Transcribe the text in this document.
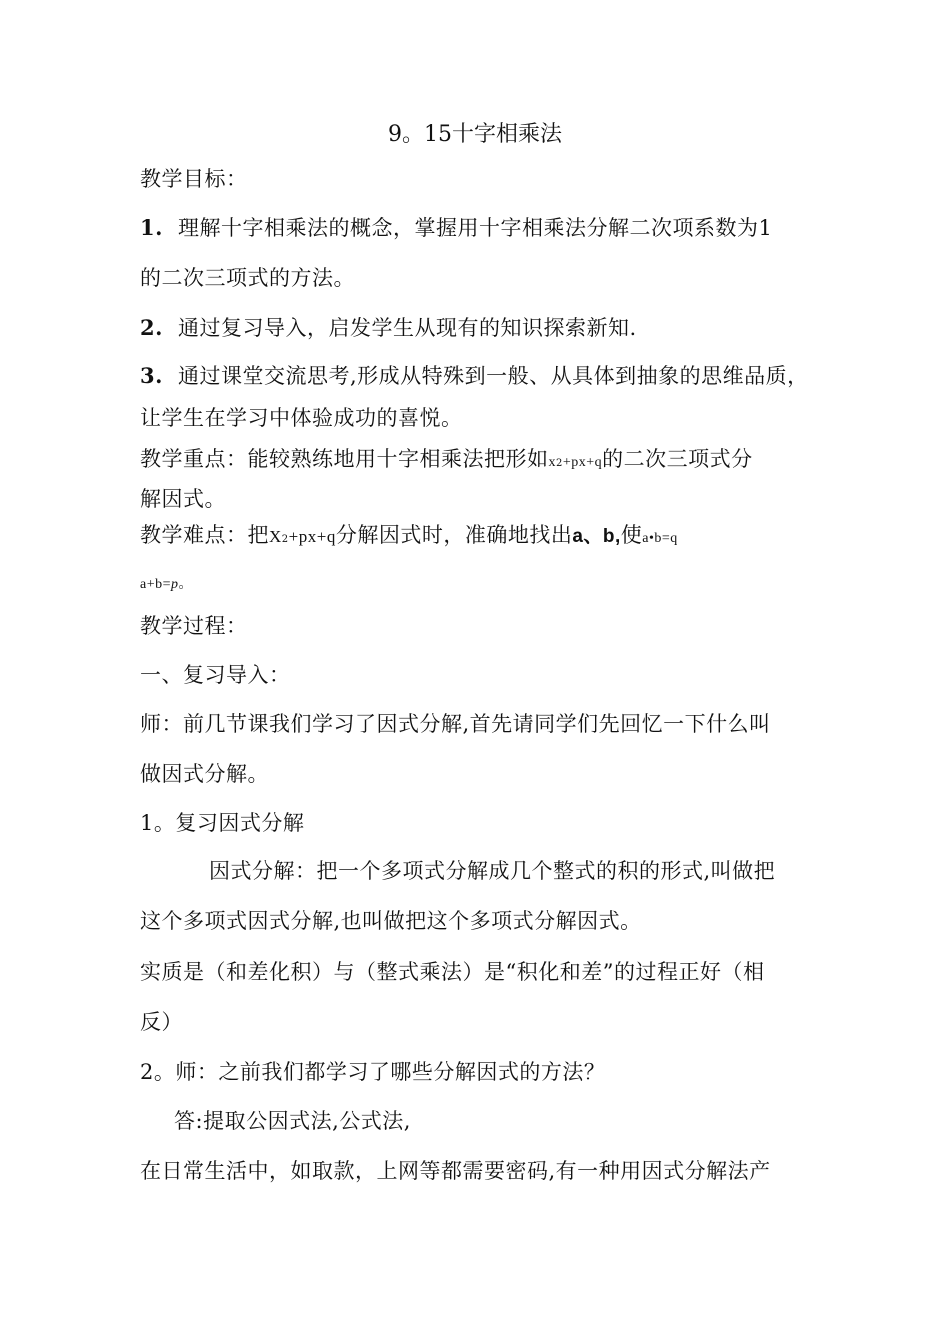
9。15十字相乘法
教学目标：
1. 理解十字相乘法的概念，掌握用十字相乘法分解二次项系数为1
的二次三项式的方法。
2. 通过复习导入，启发学生从现有的知识探索新知.
3. 通过课堂交流思考,形成从特殊到一般、从具体到抽象的思维品质，
让学生在学习中体验成功的喜悦。
教学重点：能较熟练地用十字相乘法把形如x2+px+q的二次三项式分
解因式。
教学难点：把X2+px+q分解因式时，准确地找出a、b,使a•b=q
a+b=p。
教学过程：
一、复习导入：
师：前几节课我们学习了因式分解,首先请同学们先回忆一下什么叫
做因式分解。
1。复习因式分解
因式分解：把一个多项式分解成几个整式的积的形式,叫做把
这个多项式因式分解,也叫做把这个多项式分解因式。
实质是（和差化积）与（整式乘法）是“积化和差”的过程正好（相
反）
2。师：之前我们都学习了哪些分解因式的方法？
答:提取公因式法,公式法,
在日常生活中，如取款，上网等都需要密码,有一种用因式分解法产
